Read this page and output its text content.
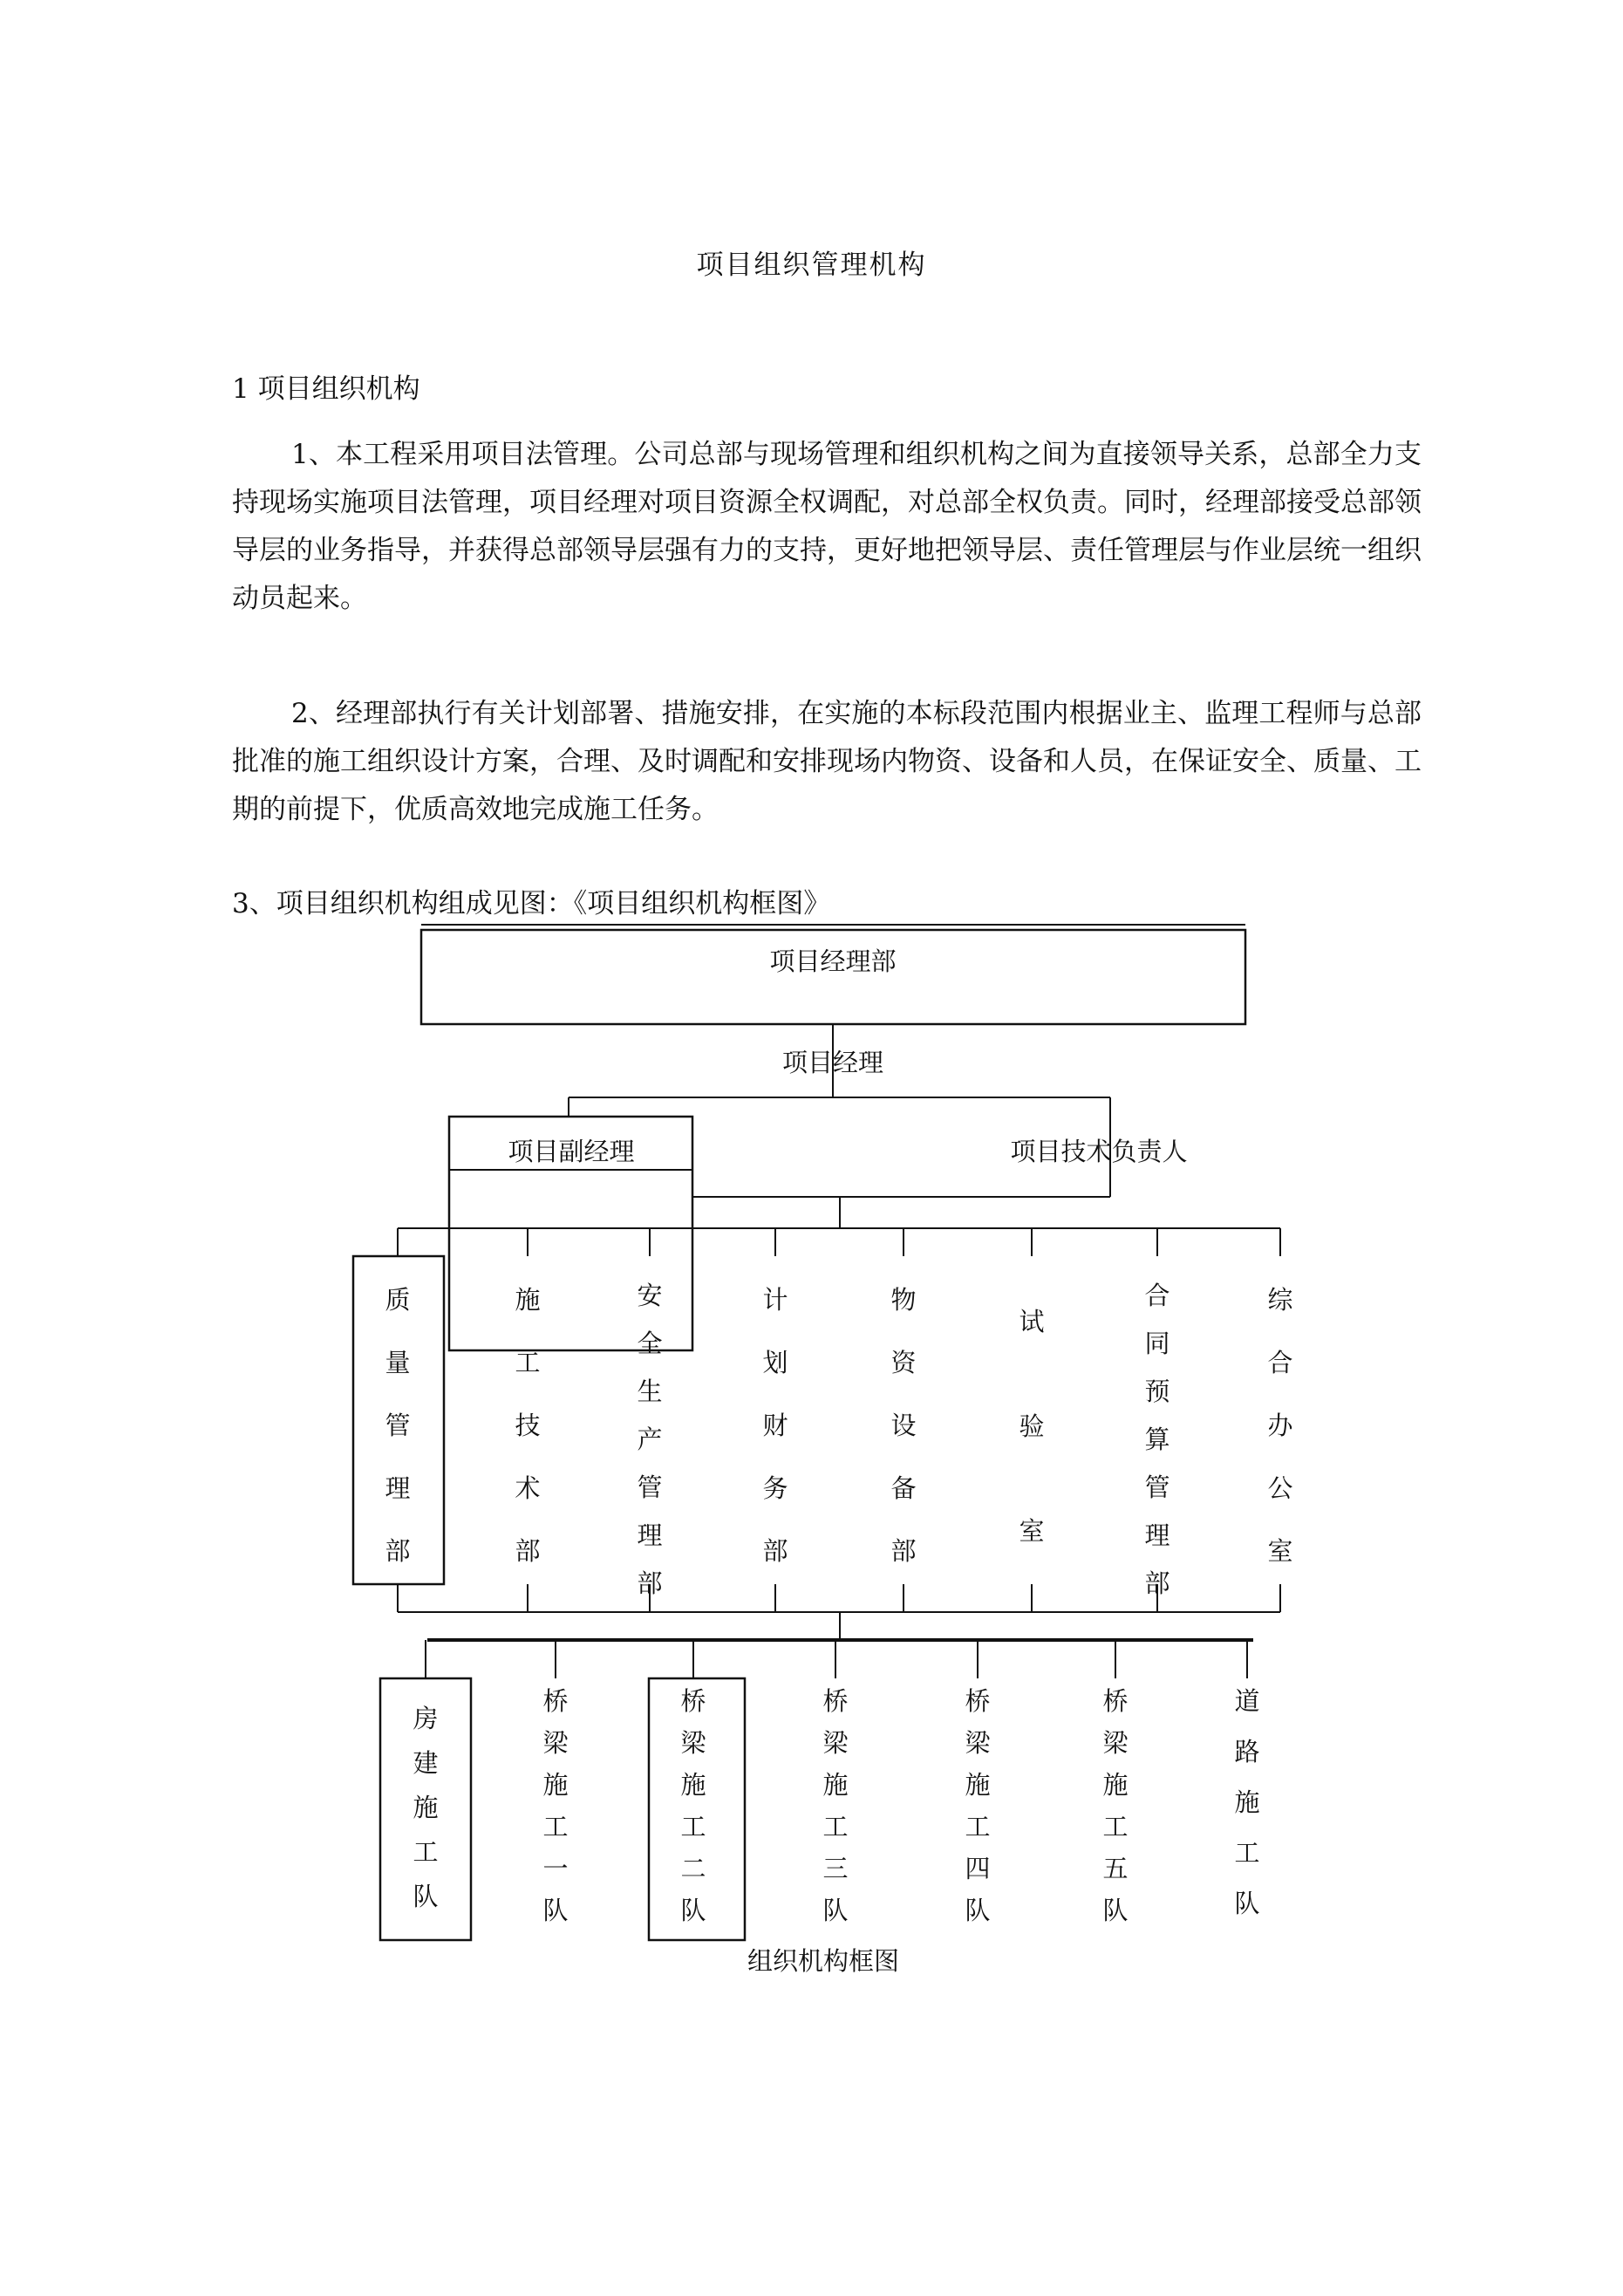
项目组织管理机构
1 项目组织机构

1、本工程采用项目法管理。公司总部与现场管理和组织机构之间为直接领导关系，总部全力支持现场实施项目法管理，项目经理对项目资源全权调配，对总部全权负责。同时，经理部接受总部领导层的业务指导，并获得总部领导层强有力的支持，更好地把领导层、责任管理层与作业层统一组织动员起来。

2、经理部执行有关计划部署、措施安排，在实施的本标段范围内根据业主、监理工程师与总部批准的施工组织设计方案，合理、及时调配和安排现场内物资、设备和人员，在保证安全、质量、工期的前提下，优质高效地完成施工任务。

3、项目组织机构组成见图：《项目组织机构框图》
项目经理部
项目经理
项目副经理	项目技术负责人
质
量
管
理
部
施
工
技
术
部
安
全
生
产
管
理
部
计
划
财
务
部
物
资
设
备
部
试
验
室
合
同
预
算
管
理
部
综
合
办
公
室
房
建
施
工
队
桥
梁
施
工
一
队
桥
梁
施
工
二
队
桥
梁
施
工
三
队
桥
梁
施
工
四
队
桥
梁
施
工
五
队
道
路
施
工
队
组织机构框图
